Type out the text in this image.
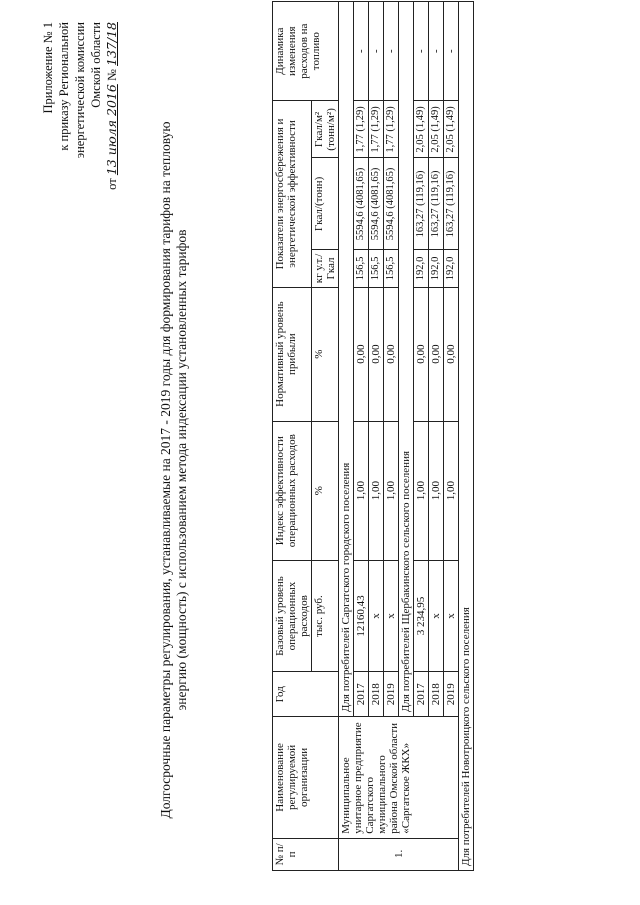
Приложение № 1 к приказу Региональной энергетической комиссии Омской области
от 13 июля 2016 № 137/18
Долгосрочные параметры регулирования, устанавливаемые на 2017 - 2019 годы для формирования тарифов на тепловую энергию (мощность) с использованием метода индексации установленных тарифов
№ п/п	Наименование регулируемой организации	Год	Базовый уровень операционных расходов	Индекс эффективности операционных расходов	Нормативный уровень прибыли	Показатели энергосбережения и энергетической эффективности			Динамика изменения расходов на топливо
			тыс. руб.	%	%	кг у.т./ Гкал	Гкал/(тонн)	Гкал/м² (тонн/м²)	
1.	Муниципальное унитарное предприятие Саргатского муниципального района Омской области «Саргатское ЖКХ»	Для потребителей Саргатского городского поселения							
		2017	12160,43	1,00	0,00	156,5	5594,6 (4081,65)	1,77 (1,29)	-
		2018	х	1,00	0,00	156,5	5594,6 (4081,65)	1,77 (1,29)	-
		2019	х	1,00	0,00	156,5	5594,6 (4081,65)	1,77 (1,29)	-
		Для потребителей Щербакинского сельского поселения							
		2017	3 234,95	1,00	0,00	192,0	163,27 (119,16)	2,05 (1,49)	-
		2018	х	1,00	0,00	192,0	163,27 (119,16)	2,05 (1,49)	-
		2019	х	1,00	0,00	192,0	163,27 (119,16)	2,05 (1,49)	-
Для потребителей Новотроицкого сельского поселения									
